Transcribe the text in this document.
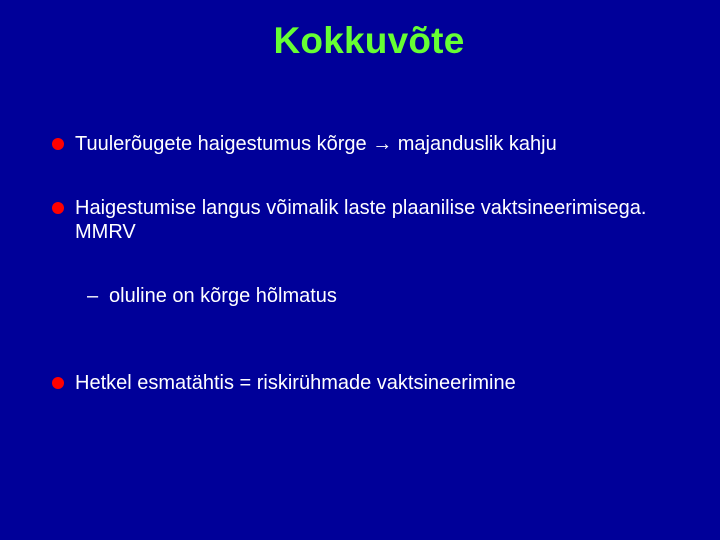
Kokkuvõte
Tuulerõugete haigestumus kõrge → majanduslik kahju
Haigestumise langus võimalik laste plaanilise vaktsineerimisega. MMRV
– oluline on kõrge hõlmatus
Hetkel esmatähtis = riskirühmade vaktsineerimine
